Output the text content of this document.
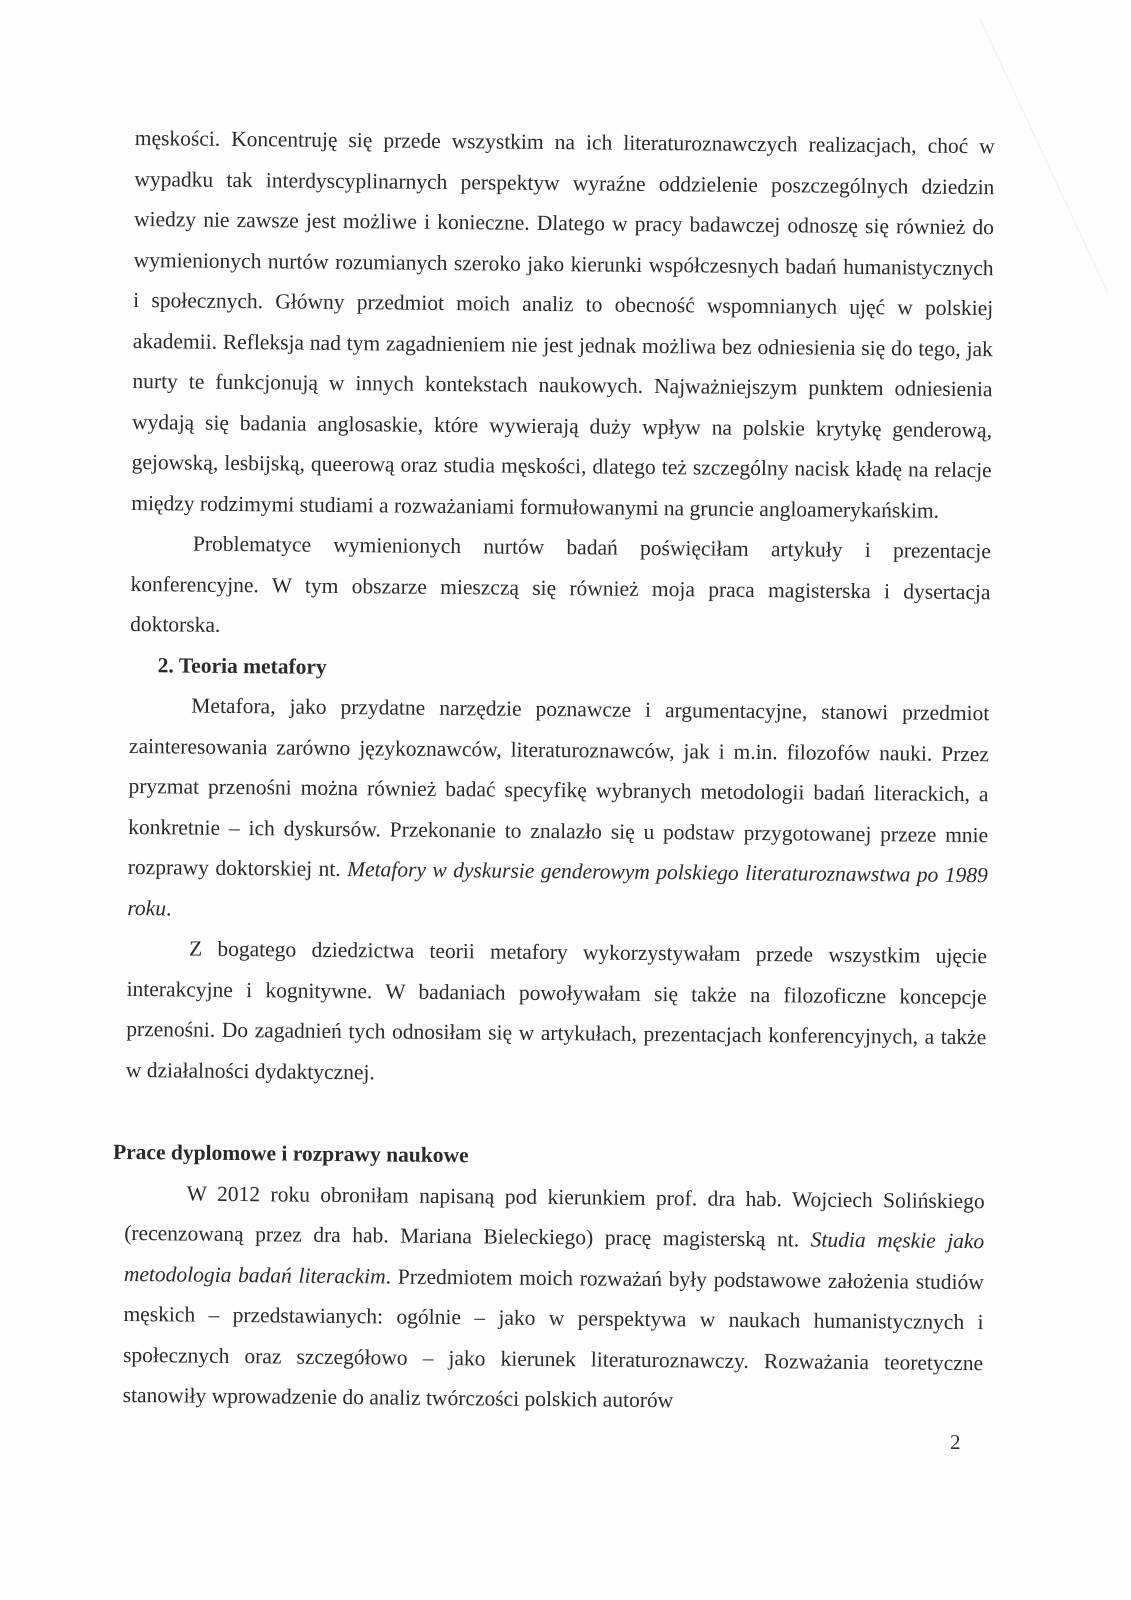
męskości. Koncentruję się przede wszystkim na ich literaturoznawczych realizacjach, choć w wypadku tak interdyscyplinarnych perspektyw wyraźne oddzielenie poszczególnych dziedzin wiedzy nie zawsze jest możliwe i konieczne. Dlatego w pracy badawczej odnoszę się również do wymienionych nurtów rozumianych szeroko jako kierunki współczesnych badań humanistycznych i społecznych. Główny przedmiot moich analiz to obecność wspomnianych ujęć w polskiej akademii. Refleksja nad tym zagadnieniem nie jest jednak możliwa bez odniesienia się do tego, jak nurty te funkcjonują w innych kontekstach naukowych. Najważniejszym punktem odniesienia wydają się badania anglosaskie, które wywierają duży wpływ na polskie krytykę genderową, gejowską, lesbijską, queerową oraz studia męskości, dlatego też szczególny nacisk kładę na relacje między rodzimymi studiami a rozważaniami formułowanymi na gruncie angloamerykańskim.

Problematyce wymienionych nurtów badań poświęciłam artykuły i prezentacje konferencyjne. W tym obszarze mieszczą się również moja praca magisterska i dysertacja doktorska.

2. Teoria metafory

Metafora, jako przydatne narzędzie poznawcze i argumentacyjne, stanowi przedmiot zainteresowania zarówno językoznawców, literaturoznawców, jak i m.in. filozofów nauki. Przez pryzmat przenośni można również badać specyfikę wybranych metodologii badań literackich, a konkretnie – ich dyskursów. Przekonanie to znalazło się u podstaw przygotowanej przeze mnie rozprawy doktorskiej nt. Metafory w dyskursie genderowym polskiego literaturoznawstwa po 1989 roku.

Z bogatego dziedzictwa teorii metafory wykorzystywałam przede wszystkim ujęcie interakcyjne i kognitywne. W badaniach powoływałam się także na filozoficzne koncepcje przenośni. Do zagadnień tych odnosiłam się w artykułach, prezentacjach konferencyjnych, a także w działalności dydaktycznej.

Prace dyplomowe i rozprawy naukowe

W 2012 roku obroniłam napisaną pod kierunkiem prof. dra hab. Wojciech Solińskiego (recenzowaną przez dra hab. Mariana Bieleckiego) pracę magisterską nt. Studia męskie jako metodologia badań literackim. Przedmiotem moich rozważań były podstawowe założenia studiów męskich – przedstawianych: ogólnie – jako w perspektywa w naukach humanistycznych i społecznych oraz szczegółowo – jako kierunek literaturoznawczy. Rozważania teoretyczne stanowiły wprowadzenie do analiz twórczości polskich autorów

2
